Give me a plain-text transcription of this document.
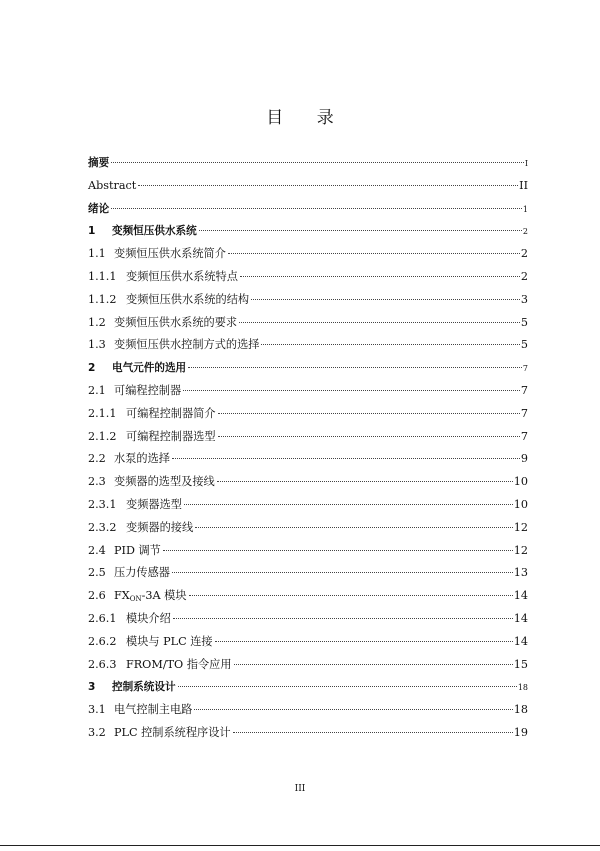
目 录
摘要	I
Abstract	II
绪论	1
1	变频恒压供水系统	2
1.1 变频恒压供水系统简介	2
1.1.1 变频恒压供水系统特点	2
1.1.2 变频恒压供水系统的结构	3
1.2 变频恒压供水系统的要求	5
1.3 变频恒压供水控制方式的选择	5
2	电气元件的选用	7
2.1 可编程控制器	7
2.1.1 可编程控制器简介	7
2.1.2 可编程控制器选型	7
2.2 水泵的选择	9
2.3 变频器的选型及接线	10
2.3.1 变频器选型	10
2.3.2 变频器的接线	12
2.4 PID 调节	12
2.5 压力传感器	13
2.6 $FX_{ON}-3A$ 模块	14
2.6.1 模块介绍	14
2.6.2 模块与 PLC 连接	14
2.6.3 FROM/TO 指令应用	15
3	控制系统设计	18
3.1 电气控制主电路	18
3.2 PLC 控制系统程序设计	19
III
